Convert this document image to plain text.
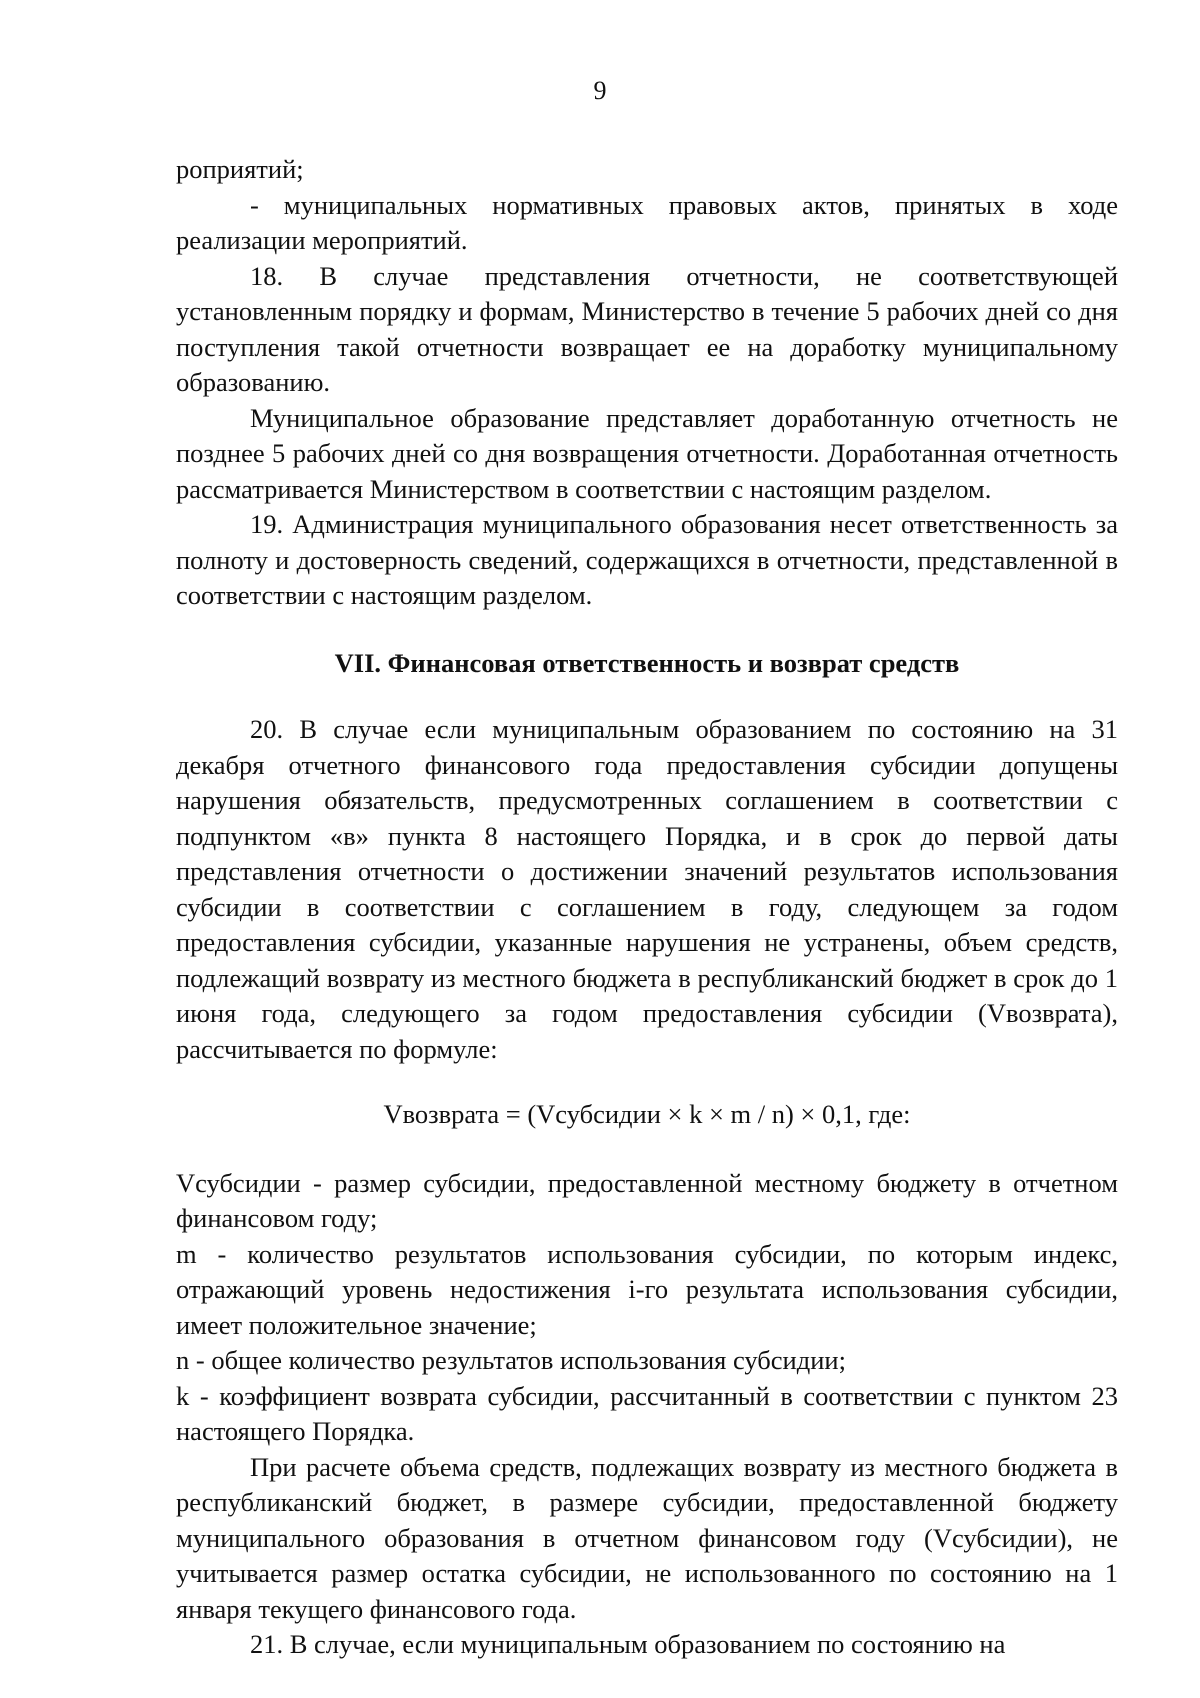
9

роприятий;

- муниципальных нормативных правовых актов, принятых в ходе реализации мероприятий.

18. В случае представления отчетности, не соответствующей установленным порядку и формам, Министерство в течение 5 рабочих дней со дня поступления такой отчетности возвращает ее на доработку муниципальному образованию.

Муниципальное образование представляет доработанную отчетность не позднее 5 рабочих дней со дня возвращения отчетности. Доработанная отчетность рассматривается Министерством в соответствии с настоящим разделом.

19. Администрация муниципального образования несет ответственность за полноту и достоверность сведений, содержащихся в отчетности, представленной в соответствии с настоящим разделом.

VII. Финансовая ответственность и возврат средств

20. В случае если муниципальным образованием по состоянию на 31 декабря отчетного финансового года предоставления субсидии допущены нарушения обязательств, предусмотренных соглашением в соответствии с подпунктом «в» пункта 8 настоящего Порядка, и в срок до первой даты представления отчетности о достижении значений результатов использования субсидии в соответствии с соглашением в году, следующем за годом предоставления субсидии, указанные нарушения не устранены, объем средств, подлежащий возврату из местного бюджета в республиканский бюджет в срок до 1 июня года, следующего за годом предоставления субсидии (Vвозврата), рассчитывается по формуле:

Vвозврата = (Vсубсидии × k × m / n) × 0,1, где:

Vсубсидии - размер субсидии, предоставленной местному бюджету в отчетном финансовом году;

m - количество результатов использования субсидии, по которым индекс, отражающий уровень недостижения i-го результата использования субсидии, имеет положительное значение;

n - общее количество результатов использования субсидии;

k - коэффициент возврата субсидии, рассчитанный в соответствии с пунктом 23 настоящего Порядка.

При расчете объема средств, подлежащих возврату из местного бюджета в республиканский бюджет, в размере субсидии, предоставленной бюджету муниципального образования в отчетном финансовом году (Vсубсидии), не учитывается размер остатка субсидии, не использованного по состоянию на 1 января текущего финансового года.

21. В случае, если муниципальным образованием по состоянию на
